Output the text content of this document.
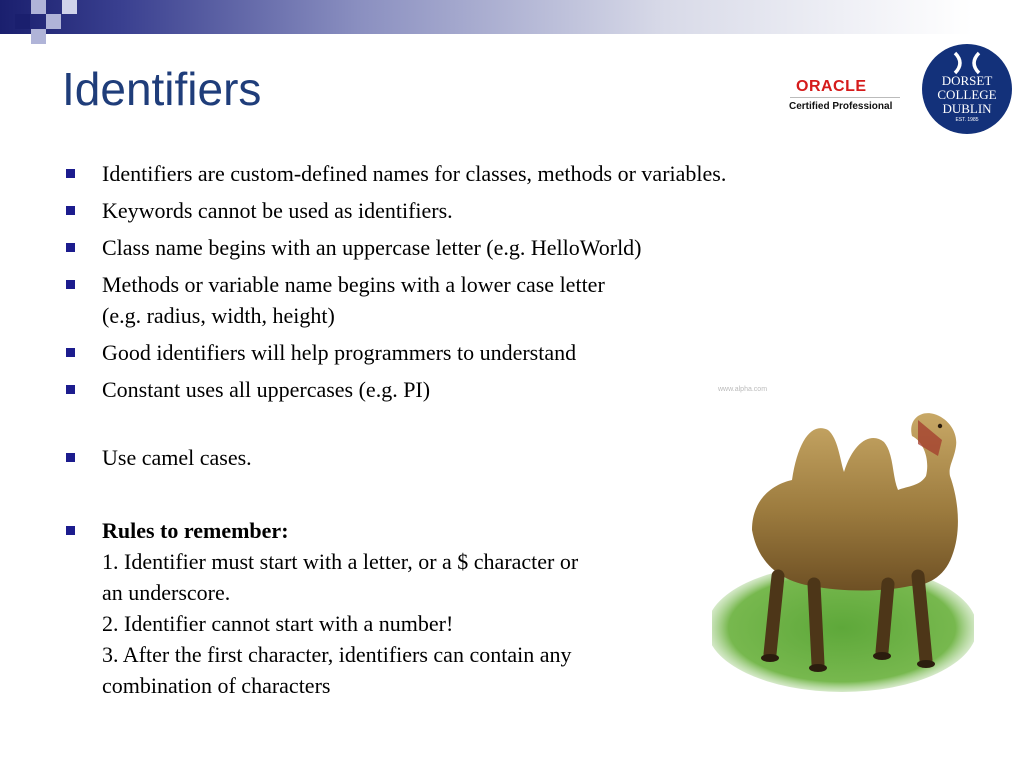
Identifiers	ORACLE
Certified Professional
DORSET
COLLEGE
DUBLIN
EST. 1985
Identifiers are custom-defined names for classes, methods or variables.
Keywords cannot be used as identifiers.
Class name begins with an uppercase letter (e.g. HelloWorld)
Methods or variable name begins with a lower case letter
(e.g. radius, width, height)
Good identifiers will help programmers to understand
Constant uses all uppercases (e.g. PI)
Use camel cases.
Rules to remember:
1. Identifier must start with a letter, or a $ character or
an underscore.
2. Identifier cannot start with a number!
3. After the first character, identifiers can contain any
combination of characters
www.alpha.com
